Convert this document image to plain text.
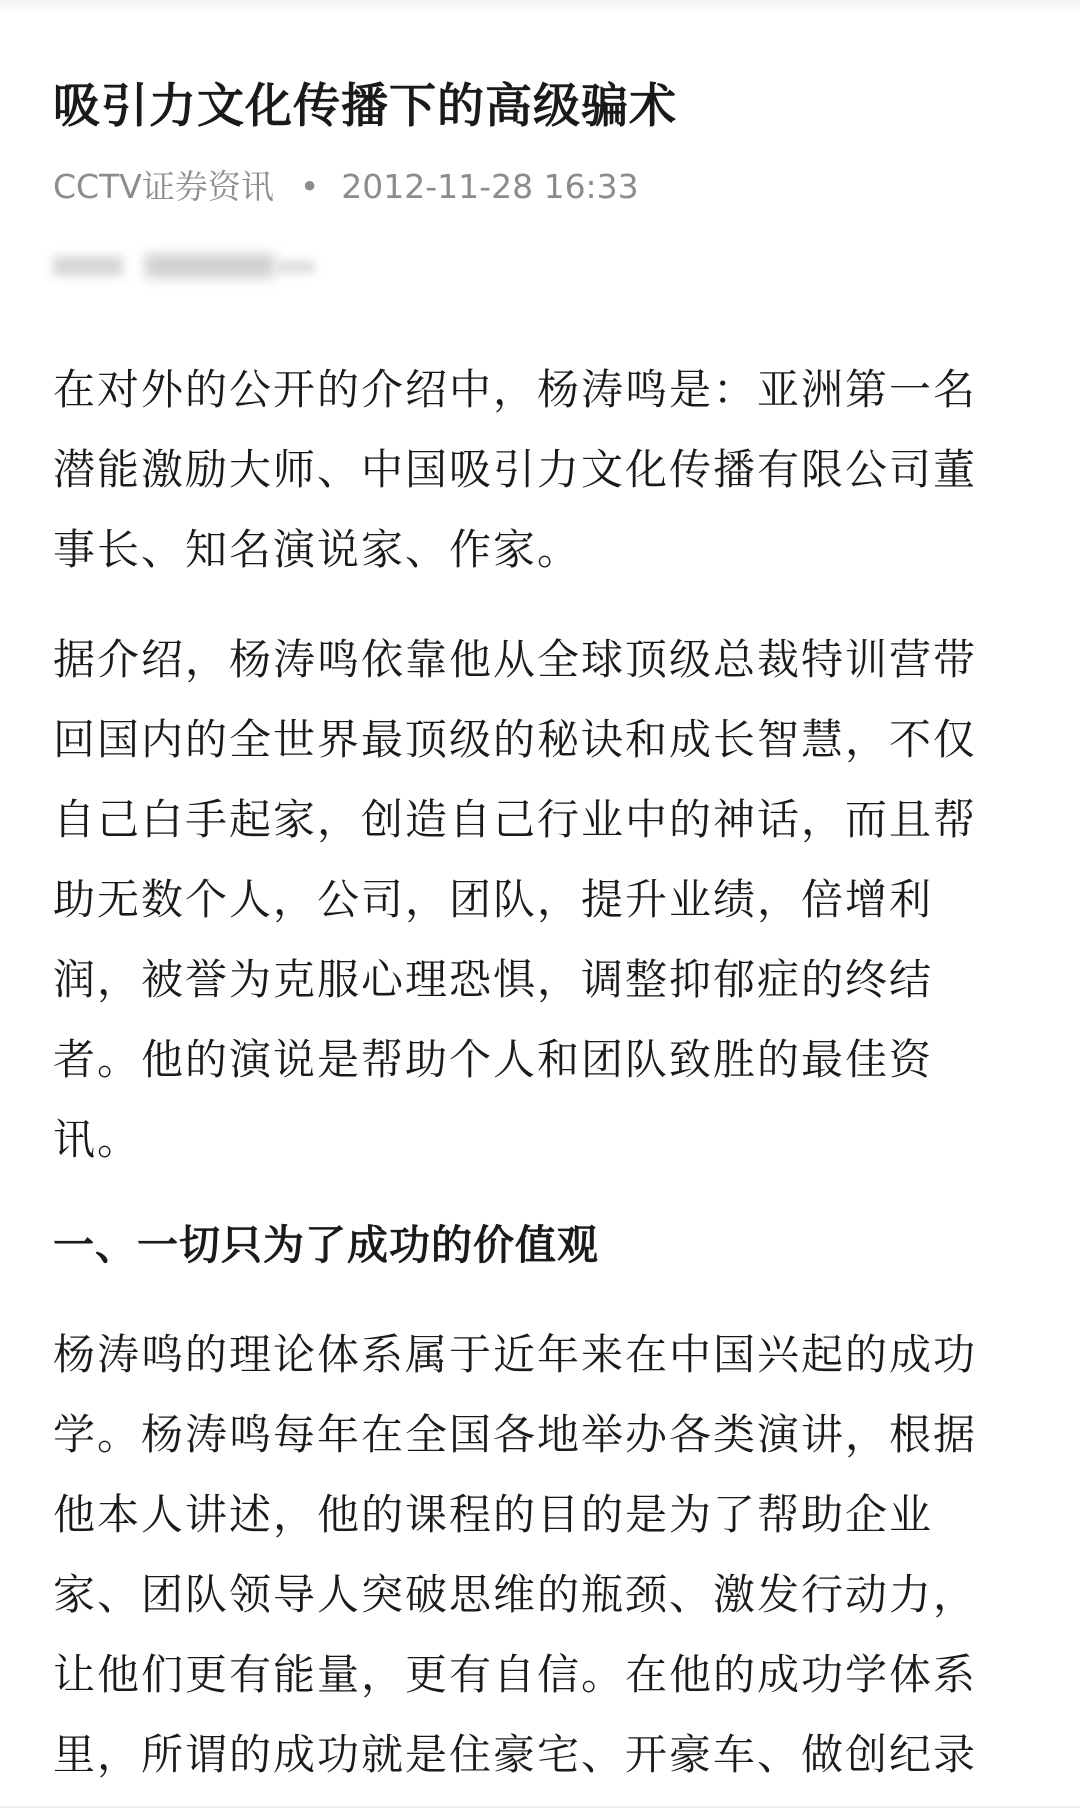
吸引力文化传播下的高级骗术
CCTV证券资讯 • 2012-11-28 16:33

在对外的公开的介绍中，杨涛鸣是：亚洲第一名
潜能激励大师、中国吸引力文化传播有限公司董
事长、知名演说家、作家。

据介绍，杨涛鸣依靠他从全球顶级总裁特训营带
回国内的全世界最顶级的秘诀和成长智慧，不仅
自己白手起家，创造自己行业中的神话，而且帮
助无数个人，公司，团队，提升业绩，倍增利
润，被誉为克服心理恐惧，调整抑郁症的终结
者。他的演说是帮助个人和团队致胜的最佳资
讯。

一、一切只为了成功的价值观

杨涛鸣的理论体系属于近年来在中国兴起的成功
学。杨涛鸣每年在全国各地举办各类演讲，根据
他本人讲述，他的课程的目的是为了帮助企业
家、团队领导人突破思维的瓶颈、激发行动力，
让他们更有能量，更有自信。在他的成功学体系
里，所谓的成功就是住豪宅、开豪车、做创纪录
